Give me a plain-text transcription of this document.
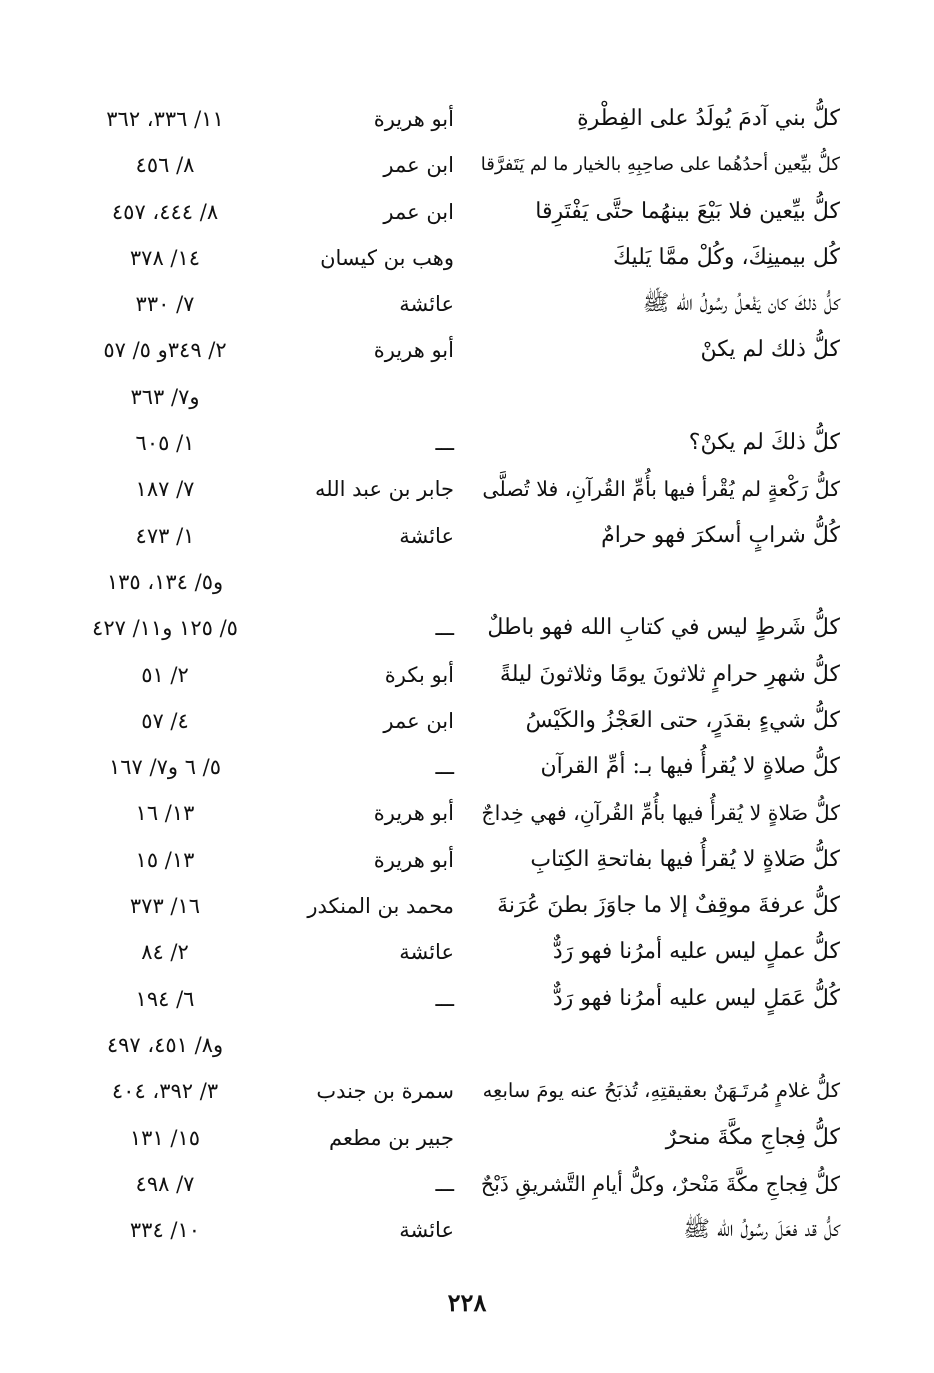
كلُّ بني آدمَ يُولَدُ على الفِطْرةِ
أبو هريرة
١١/ ٣٣٦، ٣٦٢
كلُّ بيِّعين أحدُهُما على صاحِبِهِ بالخيار ما لم يَتَفرَّقا
ابن عمر
٨/ ٤٥٦
كلُّ بيِّعين فلا بَيْعَ بينهُما حتَّى يَفْتَرِقا
ابن عمر
٨/ ٤٤٤، ٤٥٧
كُل بيمينِكَ، وكُلْ ممَّا يَليكَ
وهب بن كيسان
١٤/ ٣٧٨
كلُّ ذلكَ كان يَفْعلُ رسُولُ الله ﷺ
عائشة
٧/ ٣٣٠
كلُّ ذلك لم يكنْ
أبو هريرة
٢/ ٣٤٩و ٥/ ٥٧
و٧/ ٣٦٣
كلُّ ذلكَ لم يكنْ؟
ـــ
١/ ٦٠٥
كلُّ رَكْعةٍ لم يُقْرأ فيها بأُمِّ القُرآنِ، فلا تُصلَّى
جابر بن عبد الله
٧/ ١٨٧
كُلُّ شرابٍ أسكرَ فهو حرامٌ
عائشة
١/ ٤٧٣
و٥/ ١٣٤، ١٣٥
كلُّ شَرطٍ ليس في كتابِ الله فهو باطلٌ
ـــ
٥/ ١٢٥ و١١/ ٤٢٧
كلُّ شهرِ حرامٍ ثلاثونَ يومًا وثلاثونَ ليلةً
أبو بكرة
٢/ ٥١
كلُّ شيءٍ بقدَرٍ، حتى العَجْزُ والكَيْسُ
ابن عمر
٤/ ٥٧
كلُّ صلاةٍ لا يُقرأُ فيها بـ: أمِّ القرآن
ـــ
٥/ ٦ و٧/ ١٦٧
كلُّ صَلاةٍ لا يُقرأُ فيها بأُمِّ القُرآنِ، فهي خِداجٌ
أبو هريرة
١٣/ ١٦
كلُّ صَلاةٍ لا يُقرأُ فيها بفاتحةِ الكِتابِ
أبو هريرة
١٣/ ١٥
كلُّ عرفةَ موقِفٌ إلا ما جاوَزَ بطنَ عُرَنةَ
محمد بن المنكدر
١٦/ ٣٧٣
كلُّ عملٍ ليس عليه أمرُنا فهو رَدٌّ
عائشة
٢/ ٨٤
كُلُّ عَمَلٍ ليس عليه أمرُنا فهو رَدٌّ
ـــ
٦/ ١٩٤
و٨/ ٤٥١، ٤٩٧
كلُّ غلامٍ مُرتَـهَنٌ بعقيقتِهِ، تُذبَحُ عنه يومَ سابعِه
سمرة بن جندب
٣/ ٣٩٢، ٤٠٤
كلُّ فِجاجِ مكَّةَ منحرٌ
جبير بن مطعم
١٥/ ١٣١
كلُّ فِجاجِ مكَّةَ مَنْحرٌ، وكلُّ أيامِ التَّشريقِ ذَبْحٌ
ـــ
٧/ ٤٩٨
كلُّ قد فعَلَ رسُولُ الله ﷺ
عائشة
١٠/ ٣٣٤
٢٢٨
